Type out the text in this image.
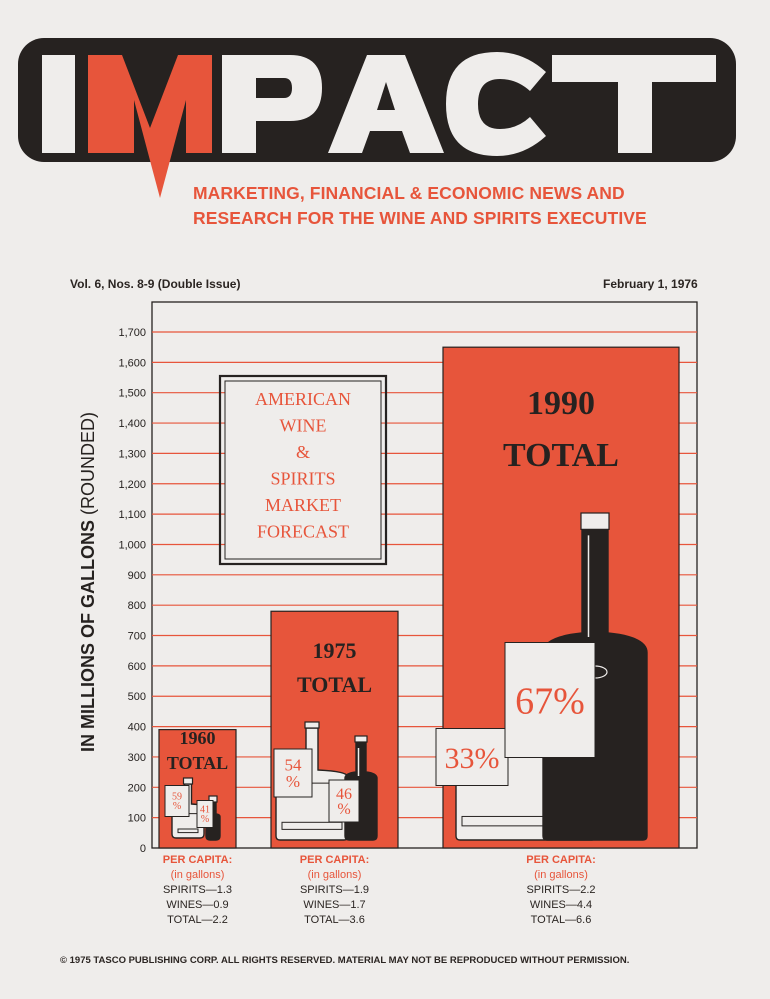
MARKETING, FINANCIAL & ECONOMIC NEWS AND
RESEARCH FOR THE WINE AND SPIRITS EXECUTIVE
Vol. 6, Nos. 8-9 (Double Issue)	February 1, 1976
0
100
200
300
400
500
600
700
800
900
1,000
1,100
1,200
1,300
1,400
1,500
1,600
1,700
IN MILLIONS OF GALLONS (ROUNDED)
AMERICAN
WINE
&
SPIRITS
MARKET
FORECAST
1960
TOTAL
59
% 41
%
1975
TOTAL
54
%
46
%
1990
TOTAL
33%
67%
PER CAPITA:
(in gallons)
SPIRITS—1.3
WINES—0.9
TOTAL—2.2
PER CAPITA:
(in gallons)
SPIRITS—1.9
WINES—1.7
TOTAL—3.6
PER CAPITA:
(in gallons)
SPIRITS—2.2
WINES—4.4
TOTAL—6.6
© 1975 TASCO PUBLISHING CORP. ALL RIGHTS RESERVED. MATERIAL MAY NOT BE REPRODUCED WITHOUT PERMISSION.
